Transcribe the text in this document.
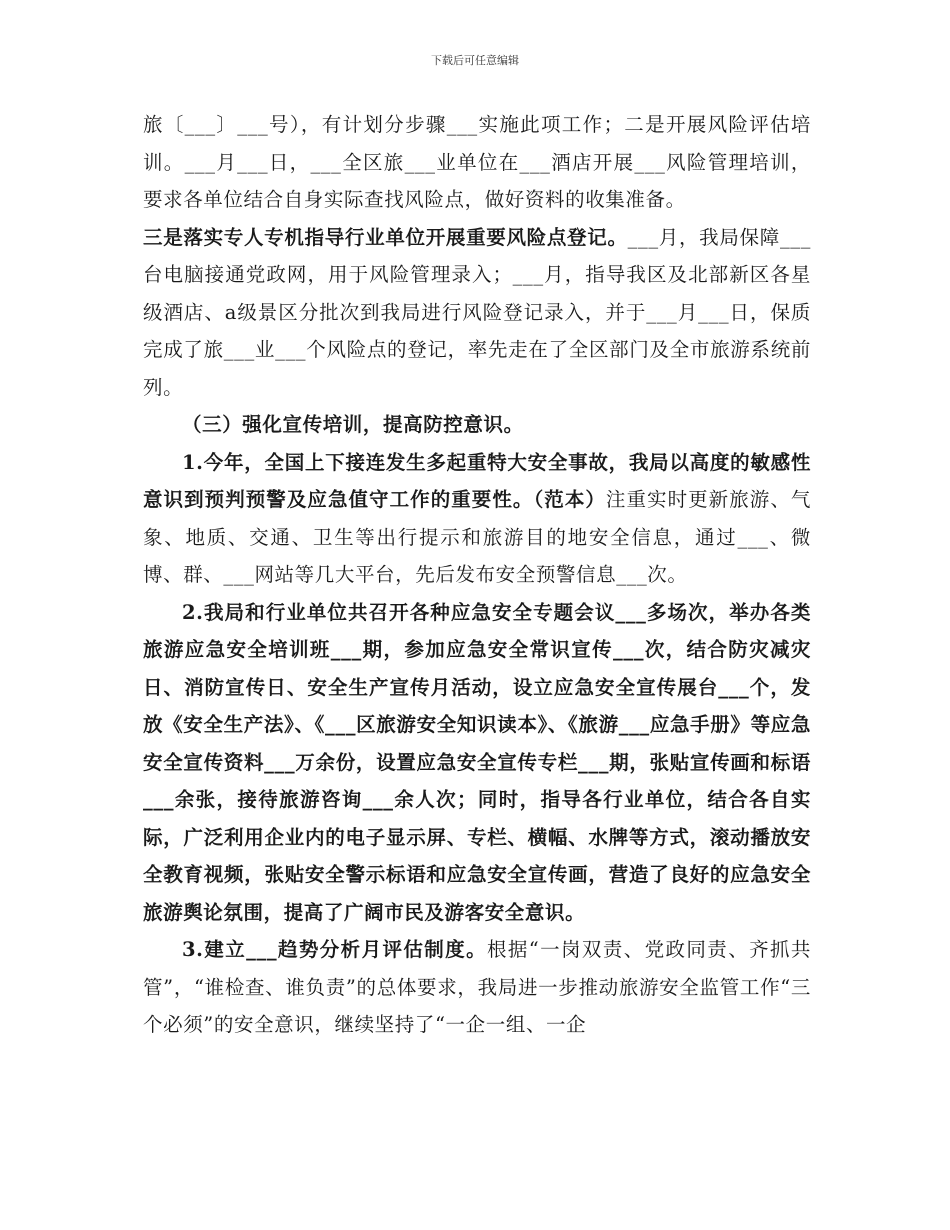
下载后可任意编辑

旅〔___〕___号），有计划分步骤___实施此项工作；二是开展风险评估培训。___月___日，___全区旅___业单位在___酒店开展___风险管理培训，要求各单位结合自身实际查找风险点，做好资料的收集准备。

三是落实专人专机指导行业单位开展重要风险点登记。___月，我局保障___台电脑接通党政网，用于风险管理录入；___月，指导我区及北部新区各星级酒店、a级景区分批次到我局进行风险登记录入，并于___月___日，保质完成了旅___业___个风险点的登记，率先走在了全区部门及全市旅游系统前列。

（三）强化宣传培训，提高防控意识。

1.今年，全国上下接连发生多起重特大安全事故，我局以高度的敏感性意识到预判预警及应急值守工作的重要性。（范本）注重实时更新旅游、气象、地质、交通、卫生等出行提示和旅游目的地安全信息，通过___、微博、群、___网站等几大平台，先后发布安全预警信息___次。

2.我局和行业单位共召开各种应急安全专题会议___多场次，举办各类旅游应急安全培训班___期，参加应急安全常识宣传___次，结合防灾减灾日、消防宣传日、安全生产宣传月活动，设立应急安全宣传展台___个，发放《安全生产法》、《___区旅游安全知识读本》、《旅游___应急手册》等应急安全宣传资料___万余份，设置应急安全宣传专栏___期，张贴宣传画和标语___余张，接待旅游咨询___余人次；同时，指导各行业单位，结合各自实际，广泛利用企业内的电子显示屏、专栏、横幅、水牌等方式，滚动播放安全教育视频，张贴安全警示标语和应急安全宣传画，营造了良好的应急安全旅游舆论氛围，提高了广阔市民及游客安全意识。

3.建立___趋势分析月评估制度。根据“一岗双责、党政同责、齐抓共管”，“谁检查、谁负责”的总体要求，我局进一步推动旅游安全监管工作“三个必须”的安全意识，继续坚持了“一企一组、一企
